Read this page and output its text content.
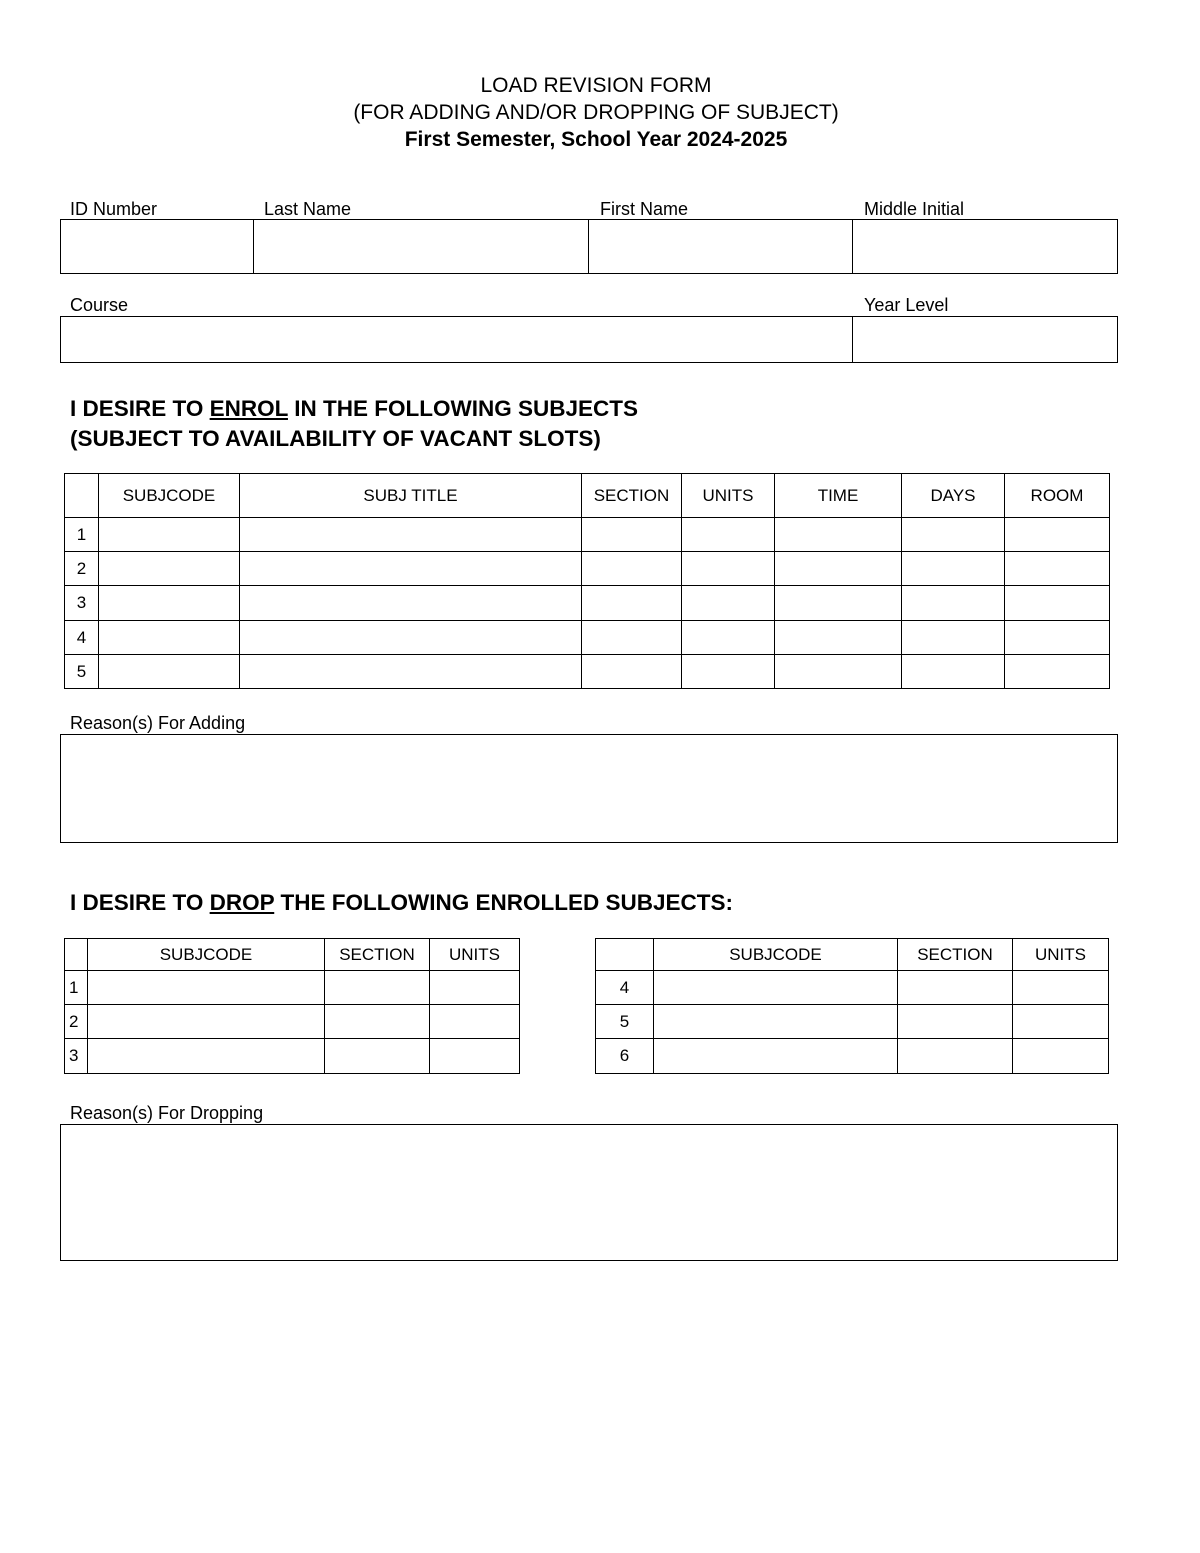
LOAD REVISION FORM
(FOR ADDING AND/OR DROPPING OF SUBJECT)
First Semester, School Year 2024-2025
ID Number	Last Name	First Name	Middle Initial
Course	Year Level
I DESIRE TO ENROL IN THE FOLLOWING SUBJECTS
(SUBJECT TO AVAILABILITY OF VACANT SLOTS)
	SUBJCODE	SUBJ TITLE	SECTION	UNITS	TIME	DAYS	ROOM
1							
2							
3							
4							
5							
Reason(s) For Adding
I DESIRE TO DROP THE FOLLOWING ENROLLED SUBJECTS:
	SUBJCODE	SECTION	UNITS
1			
2			
3			
	SUBJCODE	SECTION	UNITS
4			
5			
6			
Reason(s) For Dropping
